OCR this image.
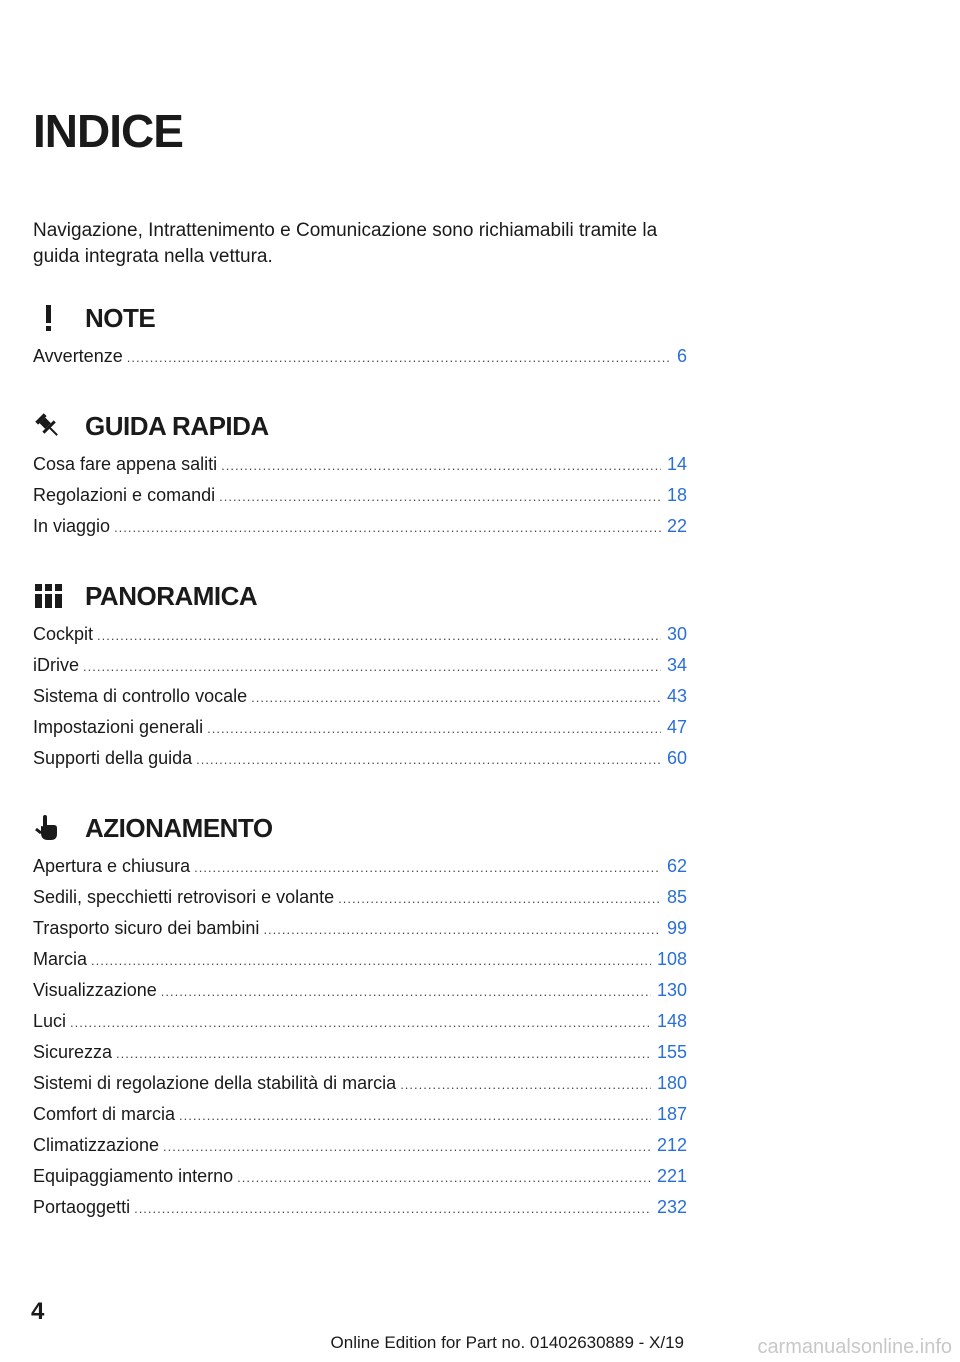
INDICE

Navigazione, Intrattenimento e Comunicazione sono richiamabili tramite la guida integrata nella vettura.

NOTE
Avvertenze .....	6
GUIDA RAPIDA
Cosa fare appena saliti .....	14
Regolazioni e comandi .....	18
In viaggio .....	22
PANORAMICA
Cockpit .....	30
iDrive .....	34
Sistema di controllo vocale .....	43
Impostazioni generali .....	47
Supporti della guida .....	60
AZIONAMENTO
Apertura e chiusura .....	62
Sedili, specchietti retrovisori e volante .....	85
Trasporto sicuro dei bambini .....	99
Marcia .....	108
Visualizzazione .....	130
Luci .....	148
Sicurezza .....	155
Sistemi di regolazione della stabilità di marcia .....	180
Comfort di marcia .....	187
Climatizzazione .....	212
Equipaggiamento interno .....	221
Portaoggetti .....	232
4
Online Edition for Part no. 01402630889 - X/19	carmanualsonline.info
